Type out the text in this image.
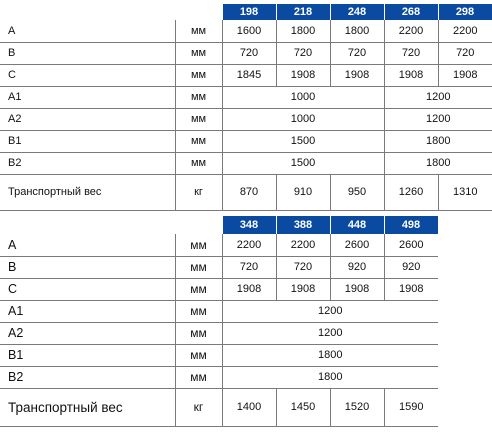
		198	218	248	268	298
A	мм	1600	1800	1800	2200	2200
B	мм	720	720	720	720	720
C	мм	1845	1908	1908	1908	1908
A1	мм	1000			1200	
A2	мм	1000			1200	
B1	мм	1500			1800	
B2	мм	1500			1800	
Транспортный вес	кг	870	910	950	1260	1310
		348	388	448	498
A	мм	2200	2200	2600	2600
B	мм	720	720	920	920
C	мм	1908	1908	1908	1908
A1	мм	1200			
A2	мм	1200			
B1	мм	1800			
B2	мм	1800			
Транспортный вес	кг	1400	1450	1520	1590
